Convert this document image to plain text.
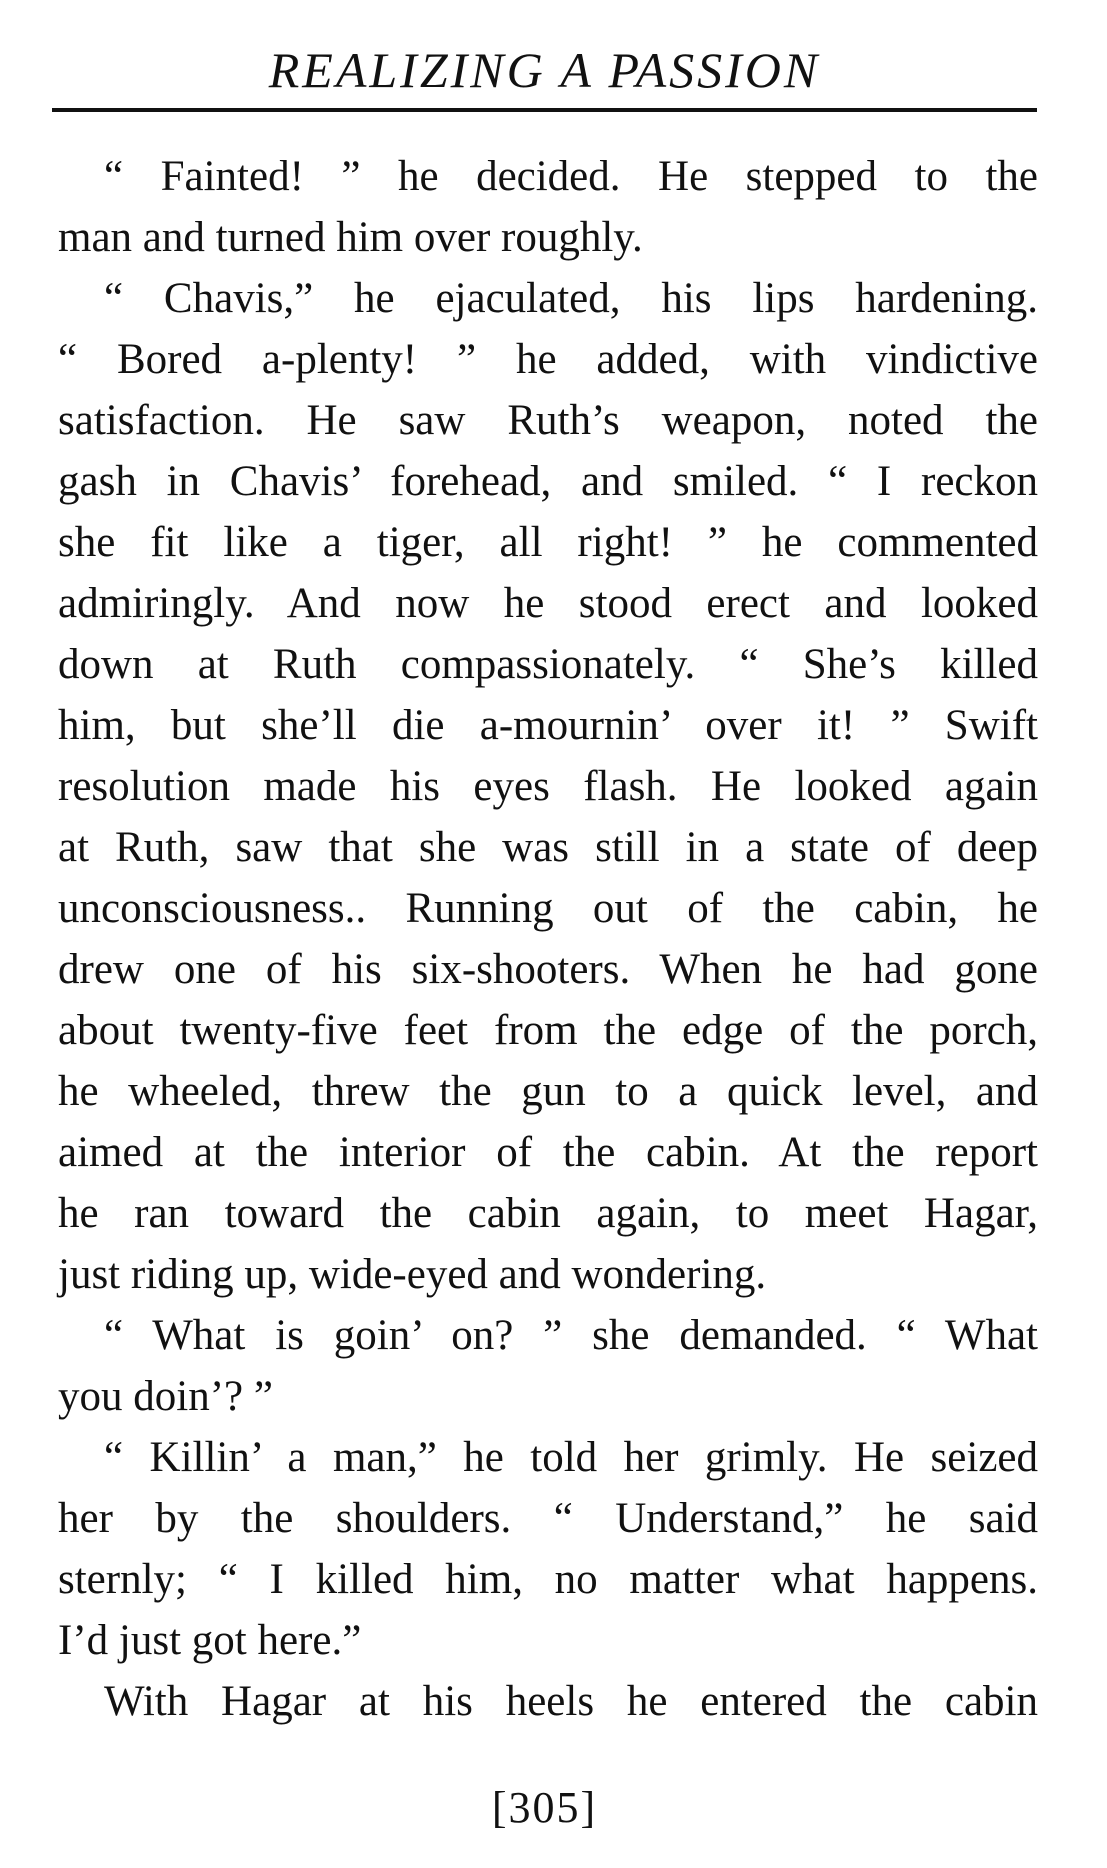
REALIZING A PASSION
“ Fainted! ” he decided. He stepped to the
man and turned him over roughly.
“ Chavis,” he ejaculated, his lips hardening.
“ Bored a-plenty! ” he added, with vindictive
satisfaction. He saw Ruth’s weapon, noted the
gash in Chavis’ forehead, and smiled. “ I reckon
she fit like a tiger, all right! ” he commented
admiringly. And now he stood erect and looked
down at Ruth compassionately. “ She’s killed
him, but she’ll die a-mournin’ over it! ” Swift
resolution made his eyes flash. He looked again
at Ruth, saw that she was still in a state of deep
unconsciousness.. Running out of the cabin, he
drew one of his six-shooters. When he had gone
about twenty-five feet from the edge of the porch,
he wheeled, threw the gun to a quick level, and
aimed at the interior of the cabin. At the report
he ran toward the cabin again, to meet Hagar,
just riding up, wide-eyed and wondering.
“ What is goin’ on? ” she demanded. “ What
you doin’? ”
“ Killin’ a man,” he told her grimly. He seized
her by the shoulders. “ Understand,” he said
sternly; “ I killed him, no matter what happens.
I’d just got here.”
With Hagar at his heels he entered the cabin
[305]
